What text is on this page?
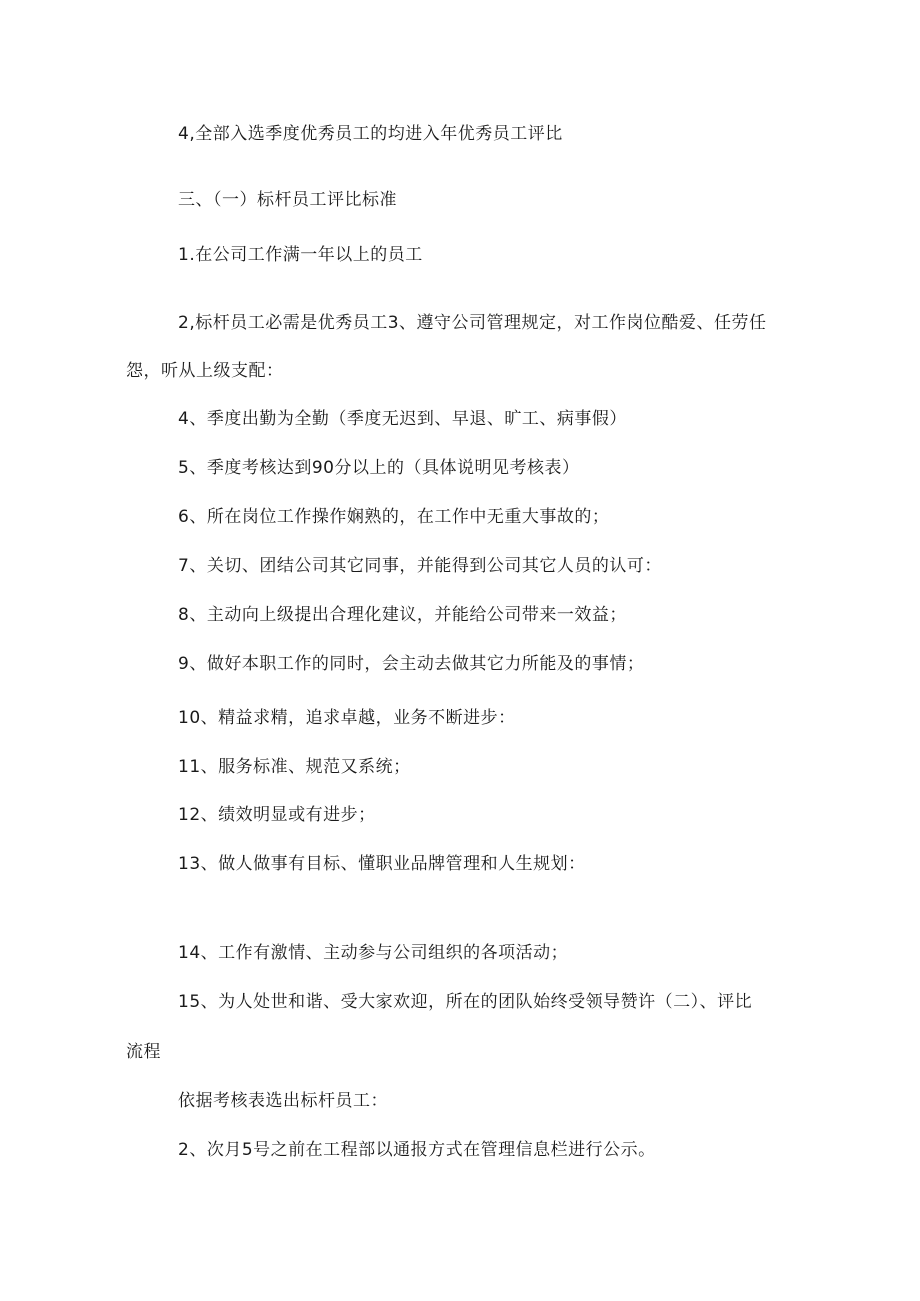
4,全部入选季度优秀员工的均进入年优秀员工评比
三、（一）标杆员工评比标准
1.在公司工作满一年以上的员工
2,标杆员工必需是优秀员工3、遵守公司管理规定，对工作岗位酷爱、任劳任
怨，听从上级支配：
4、季度出勤为全勤（季度无迟到、早退、旷工、病事假）
5、季度考核达到90分以上的（具体说明见考核表）
6、所在岗位工作操作娴熟的，在工作中无重大事故的；
7、关切、团结公司其它同事，并能得到公司其它人员的认可：
8、主动向上级提出合理化建议，并能给公司带来一效益；
9、做好本职工作的同时，会主动去做其它力所能及的事情；
10、精益求精，追求卓越，业务不断进步：
11、服务标准、规范又系统；
12、绩效明显或有进步；
13、做人做事有目标、懂职业品牌管理和人生规划：
14、工作有激情、主动参与公司组织的各项活动；
15、为人处世和谐、受大家欢迎，所在的团队始终受领导赞许（二）、评比
流程
依据考核表选出标杆员工：
2、次月5号之前在工程部以通报方式在管理信息栏进行公示。
